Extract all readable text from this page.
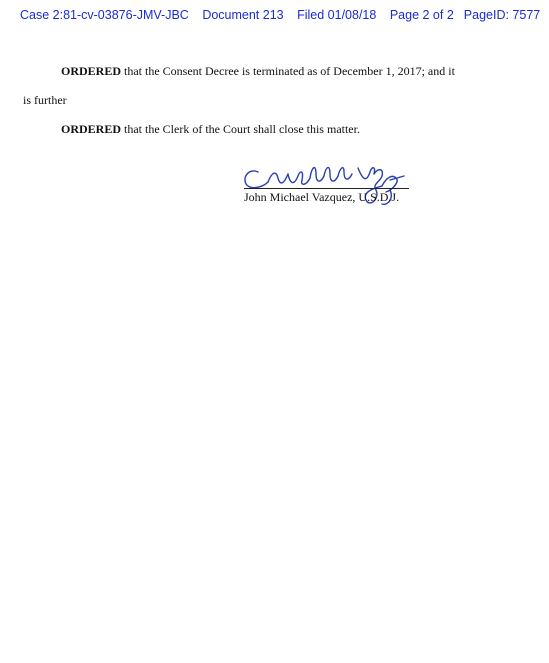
Case 2:81-cv-03876-JMV-JBC Document 213 Filed 01/08/18 Page 2 of 2 PageID: 7577
ORDERED that the Consent Decree is terminated as of December 1, 2017; and it
is further
ORDERED that the Clerk of the Court shall close this matter.
John Michael Vazquez, U.S.D.J.
